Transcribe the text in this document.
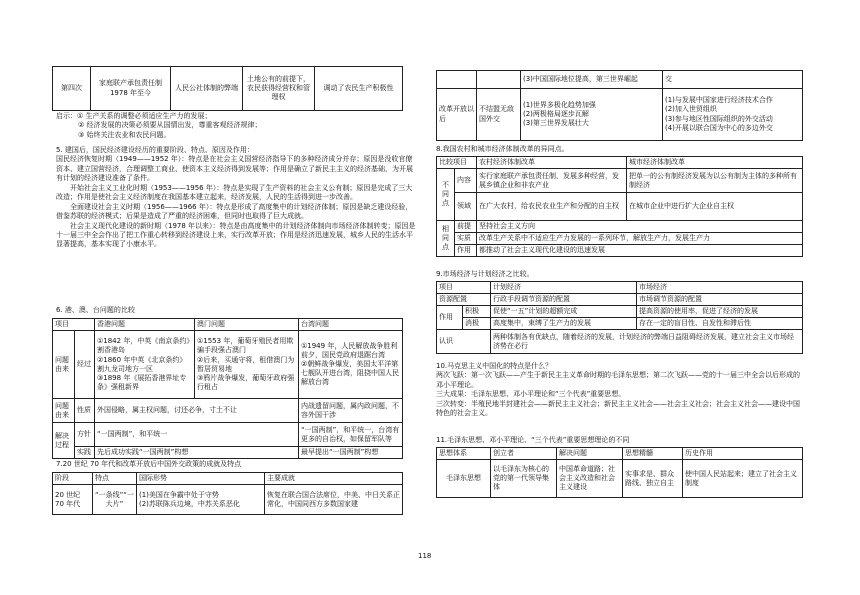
第四次	家庭联产承包责任制 1978 年至今	人民公社体制的弊端	土地公有的前提下，农民获得经营权和管理权	调动了农民生产积极性

启示：① 生产关系的调整必须适应生产力的发展；

② 经济发展的决策必须要从国情出发，尊重客观经济规律；

③ 始终关注农业和农民问题。

5. 建国后，国民经济建设经历的重要阶段、特点、原因及作用：

国民经济恢复时期（1949——1952 年）：特点是在社会主义国营经济指导下的多种经济成分并存；原因是没收官僚资本、建立国营经济，合理调整工商业、使资本主义经济得到发展等；作用是确立了新民主主义的经济基础，为开展有计划的经济建设准备了条件。

开始社会主义工业化时期（1953——1956 年）：特点是实现了生产资料的社会主义公有制；原因是完成了三大改造；作用是使社会主义经济制度在我国基本建立起来，经济发展，人民的生活得到进一步改善。

全面建设社会主义时期（1956——1966 年）：特点是形成了高度集中的计划经济体制；原因是缺乏建设经验，借鉴苏联的经济模式；后果是造成了严重的经济困难，但同时也取得了巨大成就。

社会主义现代化建设的新时期（1978 年以来）：特点是由高度集中的计划经济体制向市场经济体制转变；原因是十一届三中全会作出了把工作重心转移到经济建设上来，实行改革开放；作用是经济迅速发展，城乡人民的生活水平显著提高，基本实现了小康水平。

6. 港、澳、台问题的比较
项目		香港问题	澳门问题	台湾问题
问题由来	经过	①1842 年，中英《南京条约》割香港岛
②1860 年中英《北京条约》割九龙司地方一区
③1898 年《展拓香港界址专条》强租新界	①1553 年，葡萄牙殖民者用欺骗手段强占澳门
②后来，买通守将，租借澳门为暂居贸易地
③鸦片战争爆发，葡萄牙政府强行租占	①1949 年，人民解放战争胜利前夕，国民党政府退踞台湾
②朝鲜战争爆发，美国太平洋第七舰队开进台湾，阻挠中国人民解放台湾
问题由来	性质	外国侵略，属主权问题，讨还必争，寸土不让		内战遗留问题，属内政问题，不容外国干涉
解决过程	方针	“一国两制”，和平统一		“一国两制”，和平统一，台湾有更多的自治权，如保留军队等
	实践	先后成功实践“一国两制”构想		最早提出“一国两制”构想
7.20 世纪 70 年代和改革开放后中国外交政策的成就及特点
阶段	特点	国际形势	主要成就
20 世纪 70 年代	“一条线”“一大片”	(1)美国在争霸中处于守势
(2)苏联陈兵边境，中苏关系恶化	恢复在联合国合法席位，中美、中日关系正常化，中国同西方多数国家建
		(3)中国国际地位提高，第三世界崛起	交
改革开放以后	不结盟无敌国外交	(1)世界多极化趋势加强
(2)两极格局逐步瓦解
(3)第三世界发展壮大	(1)与发展中国家进行经济技术合作
(2)加入世贸组织
(3)参与地区性国际组织的外交活动
(4)开展以联合国为中心的多边外交
8.我国农村和城市经济体制改革的异同点。
比较项目		农村经济体制改革	城市经济体制改革
不同点	内容	实行家庭联产承包责任制，发展多种经营，发展乡镇企业和非农产业	把单一的公有制经济发展为以公有制为主体的多种所有制经济
	领域	在广大农村，给农民农业生产和分配的自主权	在城市企业中进行扩大企业自主权
相同点	前提	坚持社会主义方向	
	实质	改革生产关系中不适应生产力发展的一系列环节，解放生产力，发展生产力	
	作用	都推动了社会主义现代化建设的迅速发展	
9.市场经济与计划经济之比较。
项目		计划经济	市场经济
资源配置		行政手段调节资源的配置	市场调节资源的配置
作用	积极	促使“一五”计划的超额完成	提高资源的使用率，促进了经济的发展
	消极	高度集中，束缚了生产力的发展	存在一定的盲目性、自发性和滞后性
认识		两种体制各有优缺点，随着经济的发展，计划经济的弊端日益阻碍经济发展，建立社会主义市场经济势在必行	

10.马克思主义中国化的特点是什么？

两次飞跃：第一次飞跃——产生于新民主主义革命时期的毛泽东思想；第二次飞跃——党的十一届三中全会以后形成的邓小平理论。

三大成果：毛泽东思想、邓小平理论和“三个代表”重要思想。

三次转变：半殖民地半封建社会——新民主主义社会；新民主主义社会——社会主义社会；社会主义社会——建设中国特色的社会主义。

11.毛泽东思想、邓小平理论、“三个代表”重要思想理论的不同
思想体系	创立者	解决问题	思想精髓	历史作用
毛泽东思想	以毛泽东为核心的党的第一代领导集体	中国革命道路；社会主义改造和社会主义建设	实事求是、群众路线、独立自主	使中国人民站起来；建立了社会主义制度
118
